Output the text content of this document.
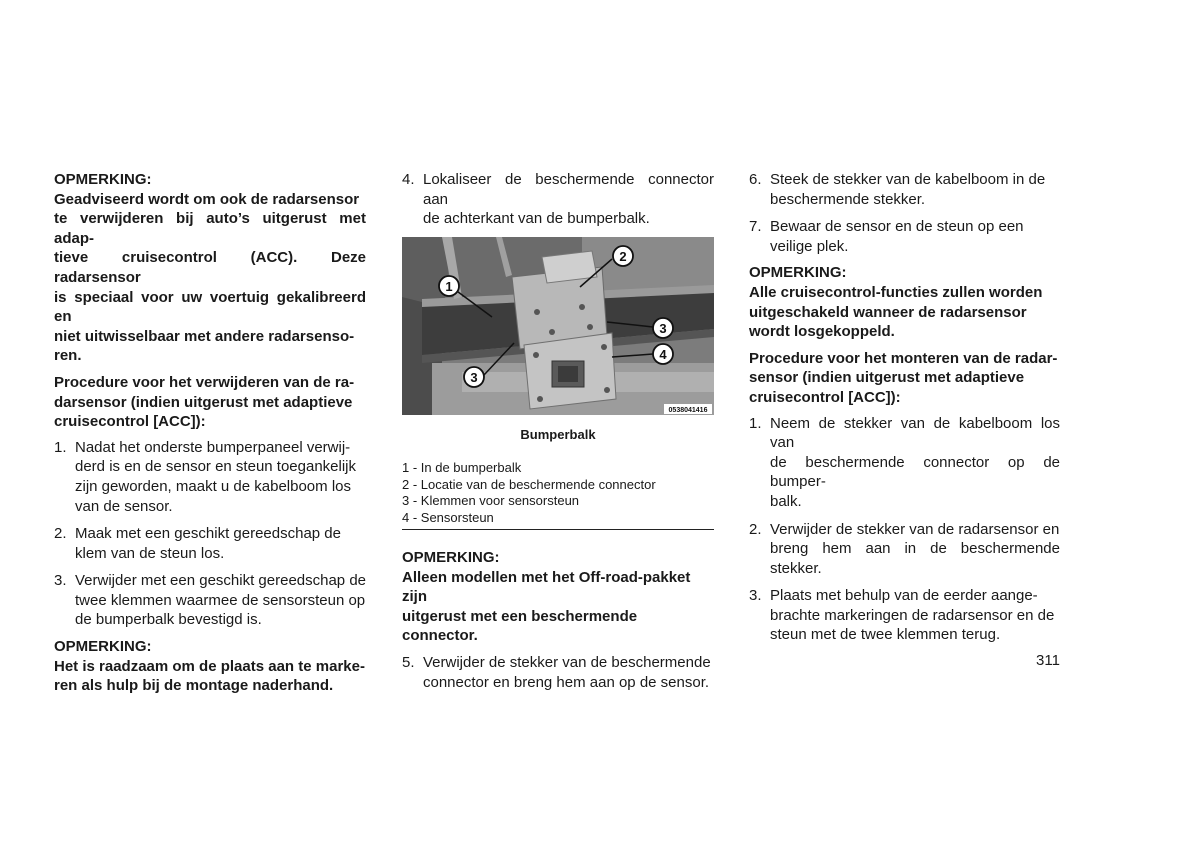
OPMERKING:

Geadviseerd wordt om ook de radarsensor
te verwijderen bij auto’s uitgerust met adap-
tieve cruisecontrol (ACC). Deze radarsensor
is speciaal voor uw voertuig gekalibreerd en
niet uitwisselbaar met andere radarsenso-
ren.

Procedure voor het verwijderen van de ra-
darsensor (indien uitgerust met adaptieve
cruisecontrol [ACC]):

1. Nadat het onderste bumperpaneel verwij-
derd is en de sensor en steun toegankelijk
zijn geworden, maakt u de kabelboom los
van de sensor.
2. Maak met een geschikt gereedschap de
klem van de steun los.
3. Verwijder met een geschikt gereedschap de
twee klemmen waarmee de sensorsteun op
de bumperbalk bevestigd is.

OPMERKING:

Het is raadzaam om de plaats aan te marke-
ren als hulp bij de montage naderhand.

4. Lokaliseer de beschermende connector aan
de achterkant van de bumperbalk.
1
2
3
4
3
0538041416
Bumperbalk
1 - In de bumperbalk
2 - Locatie van de beschermende connector
3 - Klemmen voor sensorsteun
4 - Sensorsteun

OPMERKING:

Alleen modellen met het Off-road-pakket zijn
uitgerust met een beschermende connector.

5. Verwijder de stekker van de beschermende
connector en breng hem aan op de sensor.
6. Steek de stekker van de kabelboom in de
beschermende stekker.
7. Bewaar de sensor en de steun op een
veilige plek.

OPMERKING:

Alle cruisecontrol-functies zullen worden
uitgeschakeld wanneer de radarsensor
wordt losgekoppeld.

Procedure voor het monteren van de radar-
sensor (indien uitgerust met adaptieve
cruisecontrol [ACC]):

1. Neem de stekker van de kabelboom los van
de beschermende connector op de bumper-
balk.
2. Verwijder de stekker van de radarsensor en
breng hem aan in de beschermende stekker.
3. Plaats met behulp van de eerder aange-
brachte markeringen de radarsensor en de
steun met de twee klemmen terug.
311
